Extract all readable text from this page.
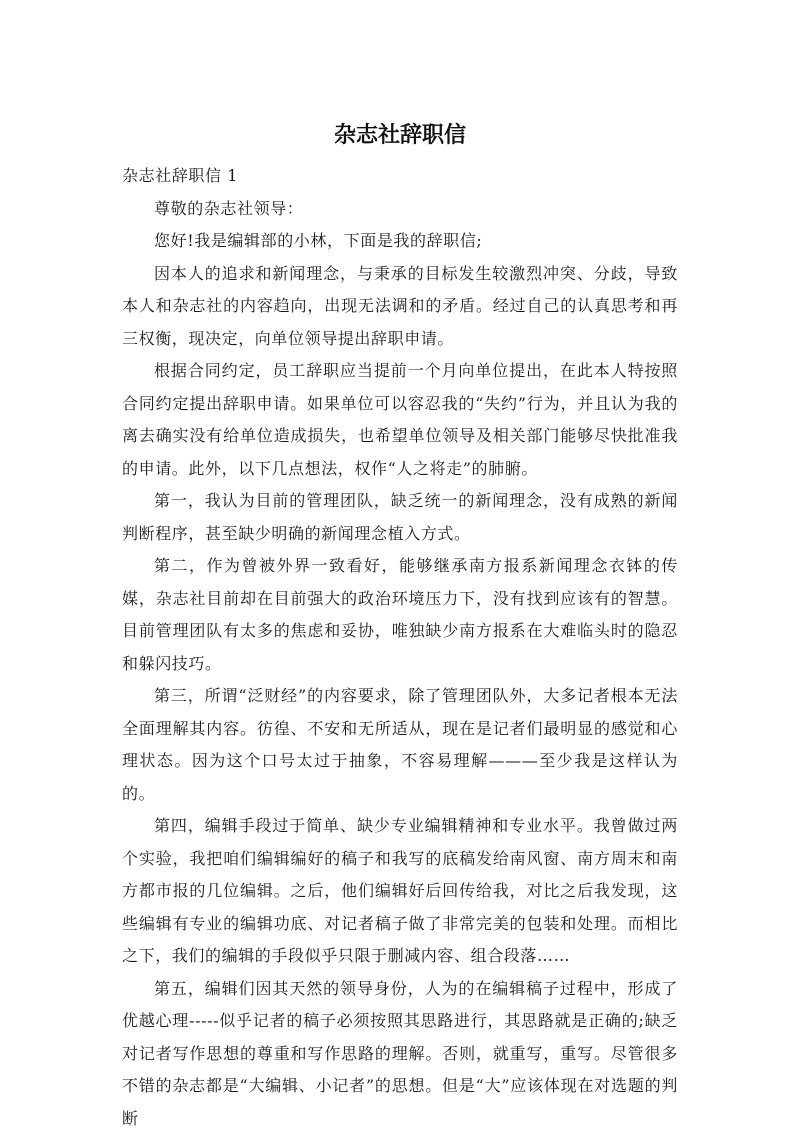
杂志社辞职信

杂志社辞职信 1

尊敬的杂志社领导：

您好!我是编辑部的小林，下面是我的辞职信;

因本人的追求和新闻理念，与秉承的目标发生较激烈冲突、分歧，导致本人和杂志社的内容趋向，出现无法调和的矛盾。经过自己的认真思考和再三权衡，现决定，向单位领导提出辞职申请。

根据合同约定，员工辞职应当提前一个月向单位提出，在此本人特按照合同约定提出辞职申请。如果单位可以容忍我的“失约”行为，并且认为我的离去确实没有给单位造成损失，也希望单位领导及相关部门能够尽快批准我的申请。此外，以下几点想法，权作“人之将走”的肺腑。

第一，我认为目前的管理团队，缺乏统一的新闻理念，没有成熟的新闻判断程序，甚至缺少明确的新闻理念植入方式。

第二，作为曾被外界一致看好，能够继承南方报系新闻理念衣钵的传媒，杂志社目前却在目前强大的政治环境压力下，没有找到应该有的智慧。目前管理团队有太多的焦虑和妥协，唯独缺少南方报系在大难临头时的隐忍和躲闪技巧。

第三，所谓“泛财经”的内容要求，除了管理团队外，大多记者根本无法全面理解其内容。彷徨、不安和无所适从，现在是记者们最明显的感觉和心理状态。因为这个口号太过于抽象，不容易理解———至少我是这样认为的。

第四，编辑手段过于简单、缺少专业编辑精神和专业水平。我曾做过两个实验，我把咱们编辑编好的稿子和我写的底稿发给南风窗、南方周末和南方都市报的几位编辑。之后，他们编辑好后回传给我，对比之后我发现，这些编辑有专业的编辑功底、对记者稿子做了非常完美的包装和处理。而相比之下，我们的编辑的手段似乎只限于删减内容、组合段落……

第五，编辑们因其天然的领导身份，人为的在编辑稿子过程中，形成了优越心理-----似乎记者的稿子必须按照其思路进行，其思路就是正确的;缺乏对记者写作思想的尊重和写作思路的理解。否则，就重写，重写。尽管很多不错的杂志都是“大编辑、小记者”的思想。但是“大”应该体现在对选题的判断
